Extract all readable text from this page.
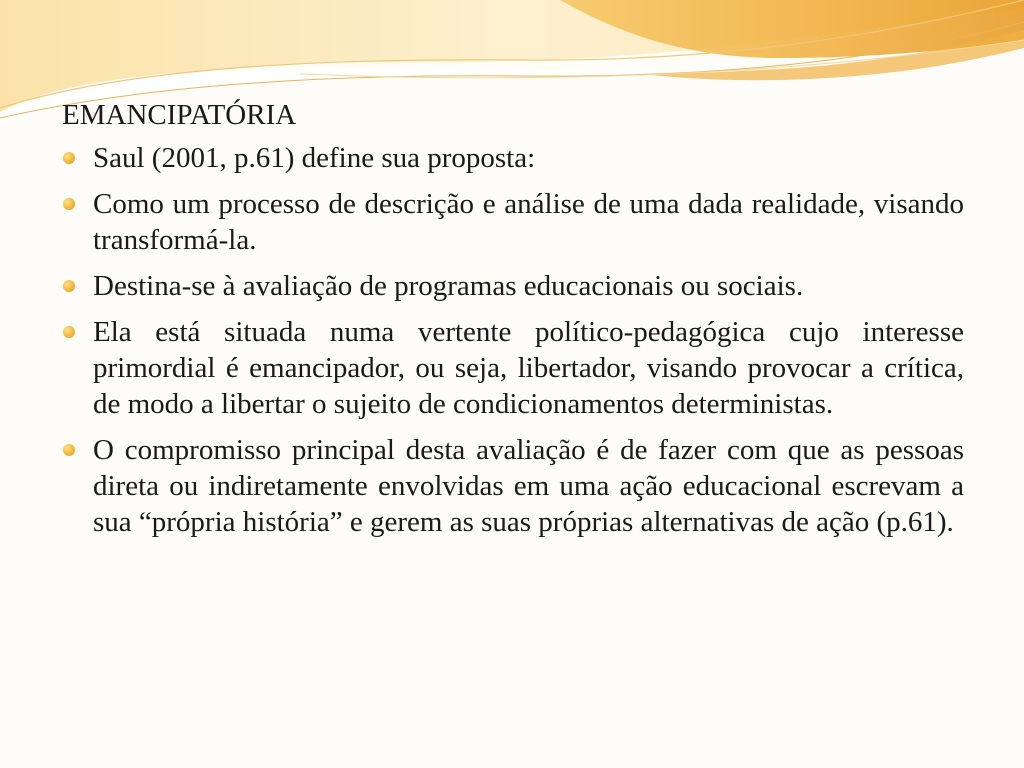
EMANCIPATÓRIA
Saul (2001, p.61) define sua proposta:
Como um processo de descrição e análise de uma dada realidade, visando transformá-la.
Destina-se à avaliação de programas educacionais ou sociais.
Ela está situada numa vertente político-pedagógica cujo interesse primordial é emancipador, ou seja, libertador, visando provocar a crítica, de modo a libertar o sujeito de condicionamentos deterministas.
O compromisso principal desta avaliação é de fazer com que as pessoas direta ou indiretamente envolvidas em uma ação educacional escrevam a sua “própria história” e gerem as suas próprias alternativas de ação (p.61).
